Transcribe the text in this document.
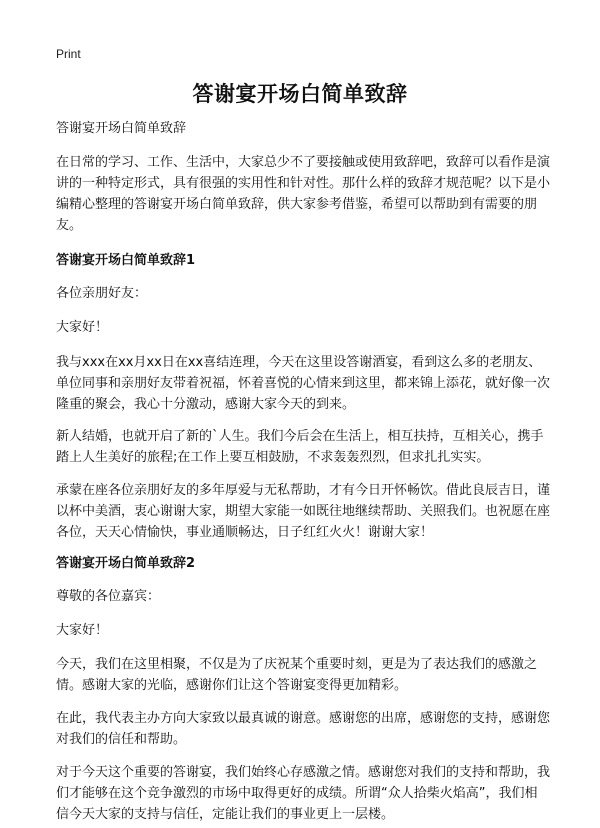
Print
答谢宴开场白简单致辞

答谢宴开场白简单致辞

在日常的学习、工作、生活中，大家总少不了要接触或使用致辞吧，致辞可以看作是演讲的一种特定形式，具有很强的实用性和针对性。那什么样的致辞才规范呢？以下是小编精心整理的答谢宴开场白简单致辞，供大家参考借鉴，希望可以帮助到有需要的朋友。

答谢宴开场白简单致辞1

各位亲朋好友：

大家好！

我与xxx在xx月xx日在xx喜结连理，今天在这里设答谢酒宴，看到这么多的老朋友、单位同事和亲朋好友带着祝福，怀着喜悦的心情来到这里，都来锦上添花，就好像一次隆重的聚会，我心十分激动，感谢大家今天的到来。

新人结婚，也就开启了新的`人生。我们今后会在生活上，相互扶持，互相关心，携手踏上人生美好的旅程;在工作上要互相鼓励，不求轰轰烈烈，但求扎扎实实。

承蒙在座各位亲朋好友的多年厚爱与无私帮助，才有今日开怀畅饮。借此良辰吉日，谨以杯中美酒，衷心谢谢大家，期望大家能一如既往地继续帮助、关照我们。也祝愿在座各位，天天心情愉快，事业通顺畅达，日子红红火火！谢谢大家！

答谢宴开场白简单致辞2

尊敬的各位嘉宾：

大家好！

今天，我们在这里相聚，不仅是为了庆祝某个重要时刻，更是为了表达我们的感激之情。感谢大家的光临，感谢你们让这个答谢宴变得更加精彩。

在此，我代表主办方向大家致以最真诚的谢意。感谢您的出席，感谢您的支持，感谢您对我们的信任和帮助。

对于今天这个重要的答谢宴，我们始终心存感激之情。感谢您对我们的支持和帮助，我们才能够在这个竞争激烈的市场中取得更好的成绩。所谓“众人拾柴火焰高”，我们相信今天大家的支持与信任，定能让我们的事业更上一层楼。
